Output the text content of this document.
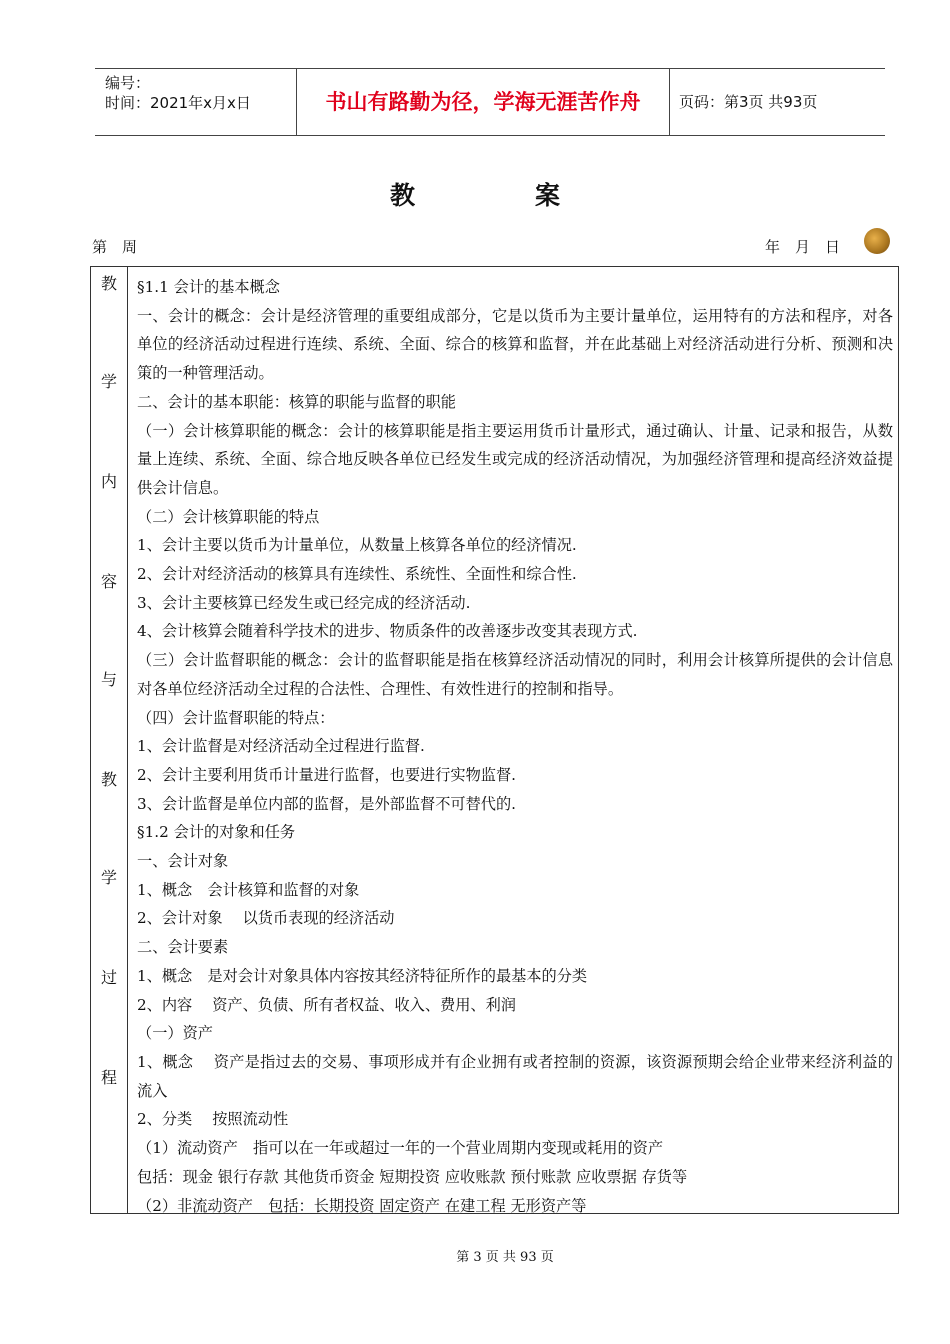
编号：
时间：2021年x月x日	书山有路勤为径，学海无涯苦作舟	页码：第3页 共93页
教	案
第　周	年　月　日
教
学
内
容
与
教
学
过
程

§1.1 会计的基本概念

一、会计的概念：会计是经济管理的重要组成部分，它是以货币为主要计量单位，运用特有的方法和程序，对各单位的经济活动过程进行连续、系统、全面、综合的核算和监督，并在此基础上对经济活动进行分析、预测和决策的一种管理活动。

二、会计的基本职能：核算的职能与监督的职能

（一）会计核算职能的概念：会计的核算职能是指主要运用货币计量形式，通过确认、计量、记录和报告，从数量上连续、系统、全面、综合地反映各单位已经发生或完成的经济活动情况，为加强经济管理和提高经济效益提供会计信息。

（二）会计核算职能的特点

1、会计主要以货币为计量单位，从数量上核算各单位的经济情况.

2、会计对经济活动的核算具有连续性、系统性、全面性和综合性.

3、会计主要核算已经发生或已经完成的经济活动.

4、会计核算会随着科学技术的进步、物质条件的改善逐步改变其表现方式.

（三）会计监督职能的概念：会计的监督职能是指在核算经济活动情况的同时，利用会计核算所提供的会计信息对各单位经济活动全过程的合法性、合理性、有效性进行的控制和指导。

（四）会计监督职能的特点：

1、会计监督是对经济活动全过程进行监督.

2、会计主要利用货币计量进行监督，也要进行实物监督.

3、会计监督是单位内部的监督，是外部监督不可替代的.

§1.2 会计的对象和任务

一、会计对象

1、概念　会计核算和监督的对象

2、会计对象　 以货币表现的经济活动

二、会计要素

1、概念　是对会计对象具体内容按其经济特征所作的最基本的分类

2、内容　 资产、负债、所有者权益、收入、费用、利润

（一）资产

1、概念　 资产是指过去的交易、事项形成并有企业拥有或者控制的资源，该资源预期会给企业带来经济利益的流入

2、分类　 按照流动性

（1）流动资产　指可以在一年或超过一年的一个营业周期内变现或耗用的资产

包括：现金 银行存款 其他货币资金 短期投资 应收账款 预付账款 应收票据 存货等

（2）非流动资产　包括：长期投资 固定资产 在建工程 无形资产等

第 3 页 共 93 页
